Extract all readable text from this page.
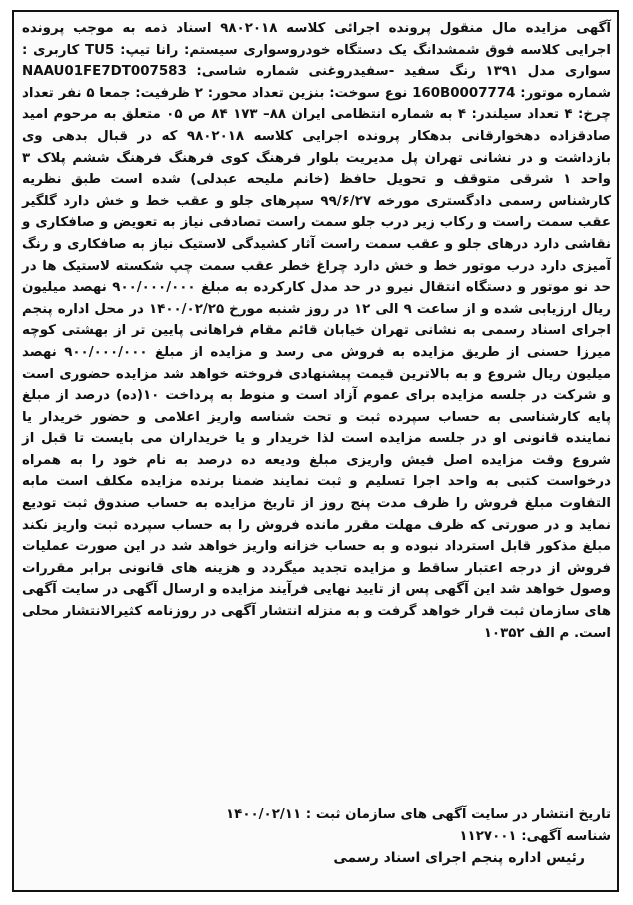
آگهی مزایده مال منقول پرونده اجرائی کلاسه ۹۸۰۲۰۱۸ اسناد ذمه به موجب پرونده اجرایی کلاسه فوق شمشدانگ یک دستگاه خودروسواری سیستم: رانا تیپ: TU5 کاربری : سواری مدل ۱۳۹۱ رنگ سفید -سفیدروغنی شماره شاسی: NAAU01FE7DT007583 شماره موتور: 160B0007774 نوع سوخت: بنزین تعداد محور: ۲ ظرفیت: جمعا ۵ نفر تعداد چرخ: ۴ تعداد سیلندر: ۴ به شماره انتظامی ایران ۸۸– ۱۷۳ ۸۴ ص ۰۵ متعلق به مرحوم امید صادقزاده دهخوارقانی بدهکار پرونده اجرایی کلاسه ۹۸۰۲۰۱۸ که در قبال بدهی وی بازداشت و در نشانی تهران پل مدیریت بلوار فرهنگ کوی فرهنگ فرهنگ ششم پلاک ۳ واحد ۱ شرقی متوقف و تحویل حافظ (خانم ملیحه عبدلی) شده است طبق نظریه کارشناس رسمی دادگستری مورخه ۹۹/۶/۲۷ سپرهای جلو و عقب خط و خش دارد گلگیر عقب سمت راست و رکاب زیر درب جلو سمت راست تصادفی نیاز به تعویض و صافکاری و نقاشی دارد درهای جلو و عقب سمت راست آثار کشیدگی لاستیک نیاز به صافکاری و رنگ آمیزی دارد درب موتور خط و خش دارد چراغ خطر عقب سمت چپ شکسته لاستیک ها در حد نو موتور و دستگاه انتقال نیرو در حد مدل کارکرده به مبلغ ۹۰۰/۰۰۰/۰۰۰ نهصد میلیون ریال ارزیابی شده و از ساعت ۹ الی ۱۲ در روز شنبه مورخ ۱۴۰۰/۰۲/۲۵ در محل اداره پنجم اجرای اسناد رسمی به نشانی تهران خیابان قائم مقام فراهانی پایین تر از بهشتی کوچه میرزا حسنی از طریق مزایده به فروش می رسد و مزایده از مبلغ ۹۰۰/۰۰۰/۰۰۰ نهصد میلیون ریال شروع و به بالاترین قیمت پیشنهادی فروخته خواهد شد مزایده حضوری است و شرکت در جلسه مزایده برای عموم آزاد است و منوط به پرداخت ۱۰(ده) درصد از مبلغ پایه کارشناسی به حساب سپرده ثبت و تحت شناسه واریز اعلامی و حضور خریدار یا نماینده قانونی او در جلسه مزایده است لذا خریدار و یا خریداران می بایست تا قبل از شروع وقت مزایده اصل فیش واریزی مبلغ ودیعه ده درصد به نام خود را به همراه درخواست کتبی به واحد اجرا تسلیم و ثبت نمایند ضمنا برنده مزایده مکلف است مابه التفاوت مبلغ فروش را ظرف مدت پنج روز از تاریخ مزایده به حساب صندوق ثبت تودیع نماید و در صورتی که ظرف مهلت مقرر مانده فروش را به حساب سپرده ثبت واریز نکند مبلغ مذکور قابل استرداد نبوده و به حساب خزانه واریز خواهد شد در این صورت عملیات فروش از درجه اعتبار ساقط و مزایده تجدید میگردد و هزینه های قانونی برابر مقررات وصول خواهد شد این آگهی پس از تایید نهایی فرآیند مزایده و ارسال آگهی در سایت آگهی های سازمان ثبت قرار خواهد گرفت و به منزله انتشار آگهی در روزنامه کثیرالانتشار محلی است. م الف ۱۰۳۵۲

تاریخ انتشار در سایت آگهی های سازمان ثبت : ۱۴۰۰/۰۲/۱۱
شناسه آگهی: ۱۱۲۷۰۰۱
رئیس اداره پنجم اجرای اسناد رسمی
